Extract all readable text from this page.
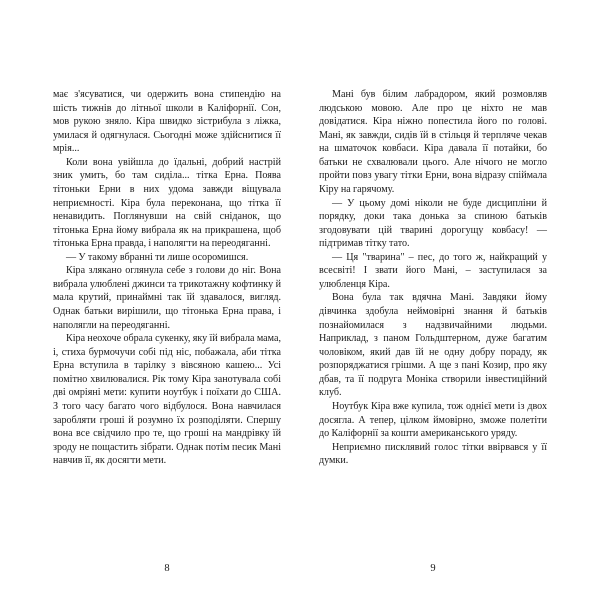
має з'ясуватися, чи одержить вона стипендію на шість тижнів до літньої школи в Каліфорнії. Сон, мов рукою зняло. Кіра швидко зістрибула з ліжка, умилася й одягнулася. Сьогодні може здійснитися її мрія...

Коли вона увійшла до їдальні, добрий настрій зник умить, бо там сиділа... тітка Ерна. Поява тітоньки Ерни в них удома завжди віщувала неприємності. Кіра була переконана, що тітка її ненавидить. Поглянувши на свій сніданок, що тітонька Ерна йому вибрала як на прикрашена, щоб тітонька Ерна правда, і наполягти на переодяганні.

— У такому вбранні ти лише осоромишся.

Кіра злякано оглянула себе з голови до ніг. Вона вибрала улюблені джинси та трикотажну кофтинку й мала крутий, принаймні так їй здавалося, вигляд. Однак батьки вирішили, що тітонька Ерна права, і наполягли на переодяганні.

Кіра неохоче обрала сукенку, яку їй вибрала мама, і, стиха бурмочучи собі під ніс, побажала, аби тітка Ерна вступила в тарілку з вівсяною кашею... Усі помітно хвилювалися. Рік тому Кіра занотувала собі дві омріяні мети: купити ноутбук і поїхати до США. З того часу багато чого відбулося. Вона навчилася заробляти гроші й розумно їх розподіляти. Спершу вона все свідчило про те, що гроші на мандрівку їй зроду не пощастить зібрати. Однак потім песик Мані навчив її, як досягти мети.

8

Мані був білим лабрадором, який розмовляв людською мовою. Але про це ніхто не мав довідатися. Кіра ніжно попестила його по голові. Мані, як завжди, сидів їй в стільця й терпляче чекав на шматочок ковбаси. Кіра давала її потайки, бо батьки не схвалювали цього. Але нічого не могло пройти повз увагу тітки Ерни, вона відразу спіймала Кіру на гарячому.

— У цьому домі ніколи не буде дисципліни й порядку, доки така донька за спиною батьків згодовувати цій тварині дорогущу ковбасу! — підтримав тітку тато.

— Ця "тварина" – пес, до того ж, найкращий у всесвіті! І звати його Мані, – заступилася за улюбленця Кіра.

Вона була так вдячна Мані. Завдяки йому дівчинка здобула неймовірні знання й батьків познайомилася з надзвичайними людьми. Наприклад, з паном Гольдштерном, дуже багатим чоловіком, який дав їй не одну добру пораду, як розпоряджатися грішми. А ще з пані Козир, про яку дбав, та її подруга Моніка створили інвестиційний клуб.

Ноутбук Кіра вже купила, тож однієї мети із двох досягла. А тепер, цілком ймовірно, зможе полетіти до Каліфорнії за кошти американського уряду.

Неприємно писклявий голос тітки ввірвався у її думки.

9
